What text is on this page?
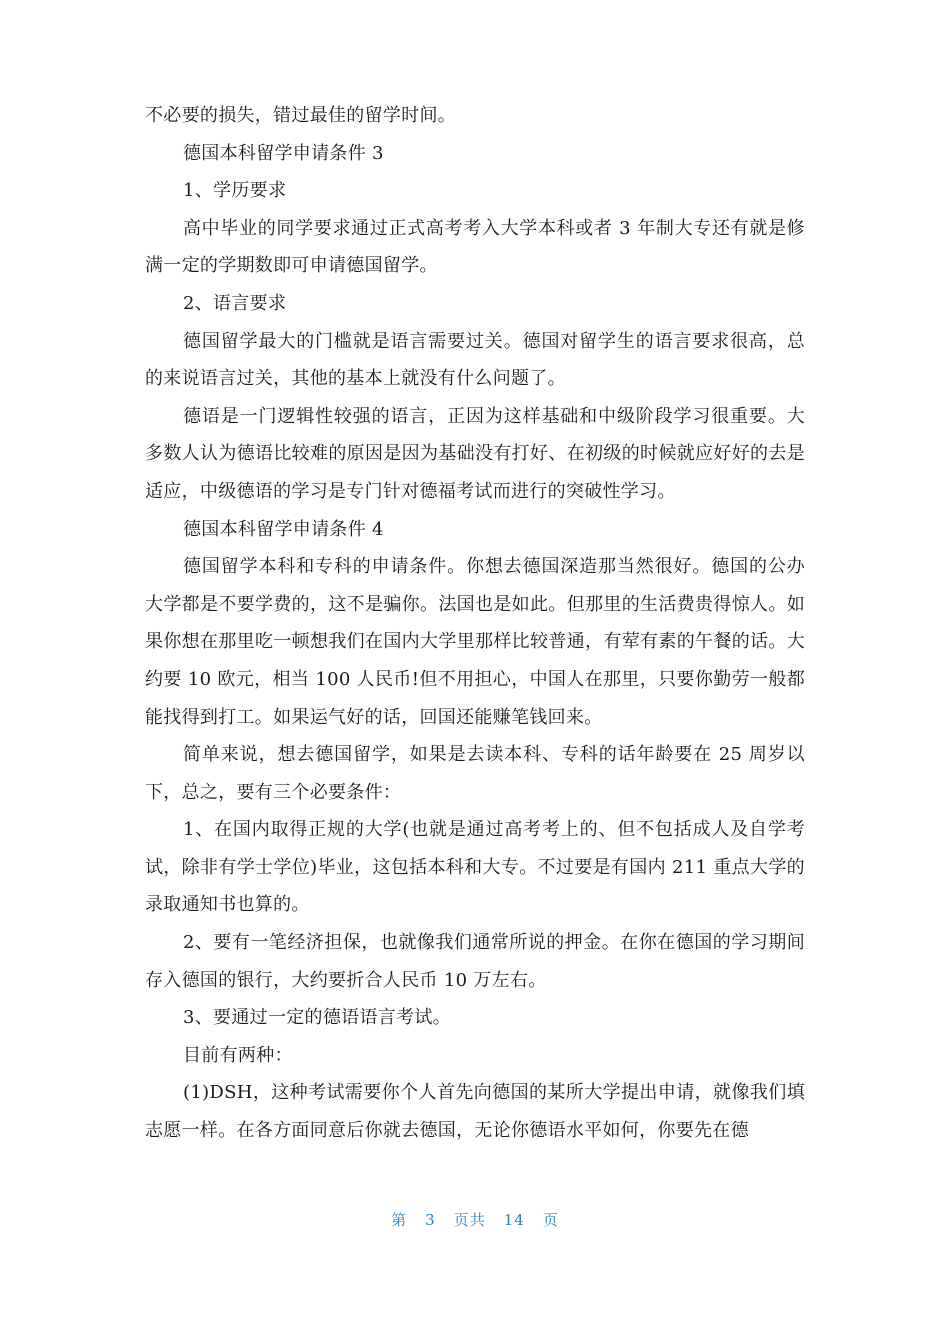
不必要的损失，错过最佳的留学时间。

德国本科留学申请条件 3

1、学历要求

高中毕业的同学要求通过正式高考考入大学本科或者 3 年制大专还有就是修满一定的学期数即可申请德国留学。

2、语言要求

德国留学最大的门槛就是语言需要过关。德国对留学生的语言要求很高，总的来说语言过关，其他的基本上就没有什么问题了。

德语是一门逻辑性较强的语言，正因为这样基础和中级阶段学习很重要。大多数人认为德语比较难的原因是因为基础没有打好、在初级的时候就应好好的去是适应，中级德语的学习是专门针对德福考试而进行的突破性学习。

德国本科留学申请条件 4

德国留学本科和专科的申请条件。你想去德国深造那当然很好。德国的公办大学都是不要学费的，这不是骗你。法国也是如此。但那里的生活费贵得惊人。如果你想在那里吃一顿想我们在国内大学里那样比较普通，有荤有素的午餐的话。大约要 10 欧元，相当 100 人民币!但不用担心，中国人在那里，只要你勤劳一般都能找得到打工。如果运气好的话，回国还能赚笔钱回来。

简单来说，想去德国留学，如果是去读本科、专科的话年龄要在 25 周岁以下，总之，要有三个必要条件：

1、在国内取得正规的大学(也就是通过高考考上的、但不包括成人及自学考试，除非有学士学位)毕业，这包括本科和大专。不过要是有国内 211 重点大学的录取通知书也算的。

2、要有一笔经济担保，也就像我们通常所说的押金。在你在德国的学习期间存入德国的银行，大约要折合人民币 10 万左右。

3、要通过一定的德语语言考试。

目前有两种：

(1)DSH，这种考试需要你个人首先向德国的某所大学提出申请，就像我们填志愿一样。在各方面同意后你就去德国，无论你德语水平如何，你要先在德

第 3 页共 14 页
